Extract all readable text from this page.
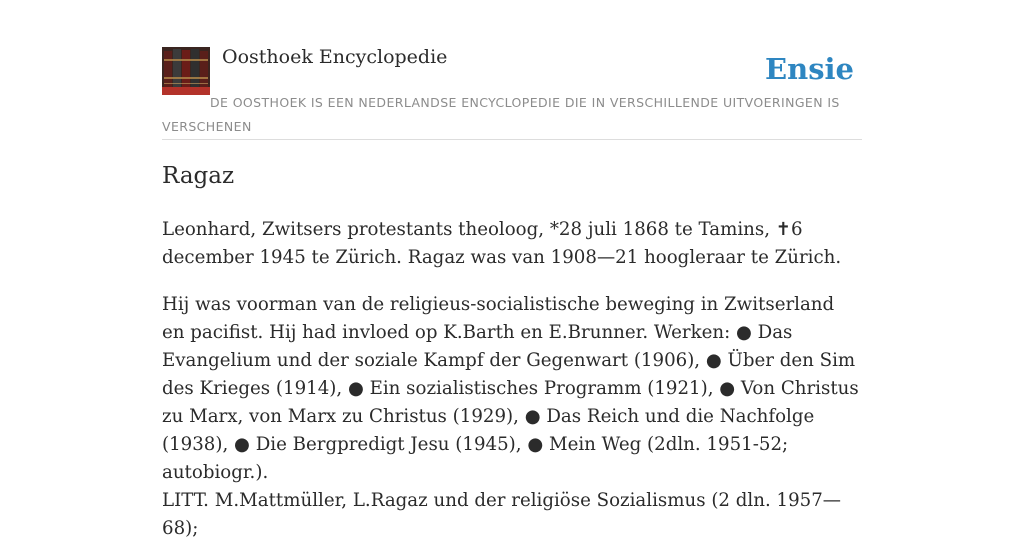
Oosthoek Encyclopedie	Ensie
DE OOSTHOEK IS EEN NEDERLANDSE ENCYCLOPEDIE DIE IN VERSCHILLENDE UITVOERINGEN IS VERSCHENEN
Ragaz

Leonhard, Zwitsers protestants theoloog, *28 juli 1868 te Tamins, ✝6 december 1945 te Zürich. Ragaz was van 1908—21 hoogleraar te Zürich.

Hij was voorman van de religieus-socialistische beweging in Zwitserland en pacifist. Hij had invloed op K.Barth en E.Brunner. Werken: ● Das Evangelium und der soziale Kampf der Gegenwart (1906), ● Über den Sim des Krieges (1914), ● Ein sozialistisches Programm (1921), ● Von Christus zu Marx, von Marx zu Christus (1929), ● Das Reich und die Nachfolge (1938), ● Die Bergpredigt Jesu (1945), ● Mein Weg (2dln. 1951-52; autobiogr.).

LITT. M.Mattmüller, L.Ragaz und der religiöse Sozialismus (2 dln. 1957—68);
